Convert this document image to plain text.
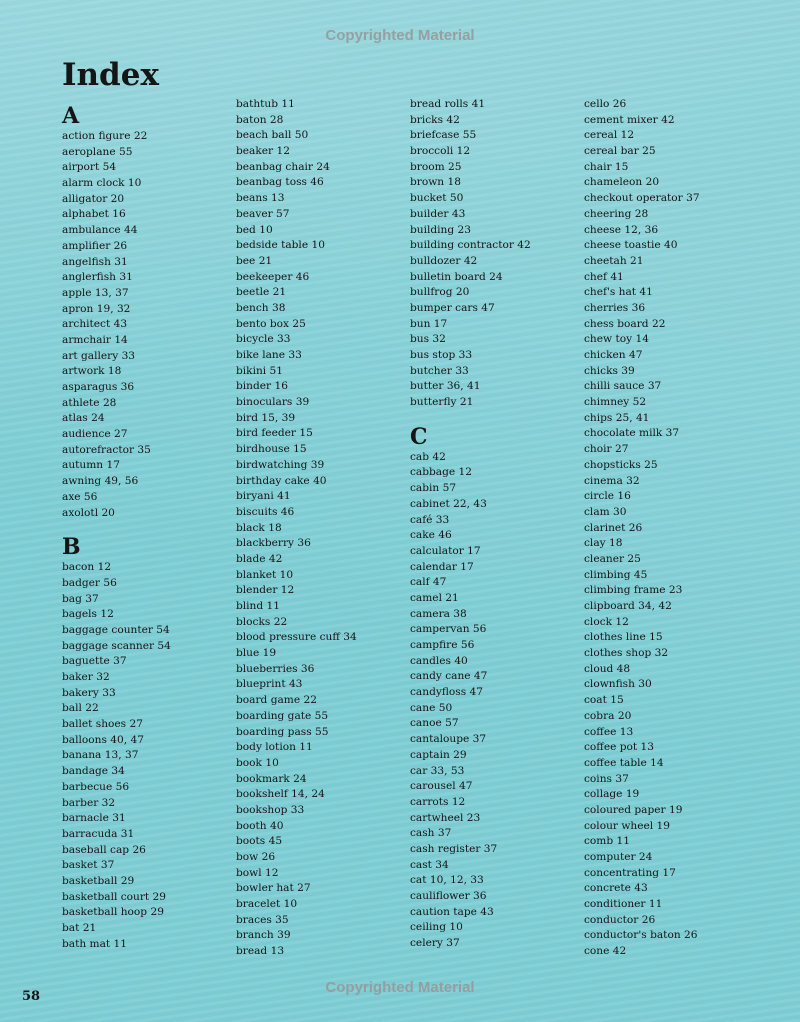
Copyrighted Material
Index
A
action figure 22
aeroplane 55
airport 54
alarm clock 10
alligator 20
alphabet 16
ambulance 44
amplifier 26
angelfish 31
anglerfish 31
apple 13, 37
apron 19, 32
architect 43
armchair 14
art gallery 33
artwork 18
asparagus 36
athlete 28
atlas 24
audience 27
autorefractor 35
autumn 17
awning 49, 56
axe 56
axolotl 20
B
bacon 12
badger 56
bag 37
bagels 12
baggage counter 54
baggage scanner 54
baguette 37
baker 32
bakery 33
ball 22
ballet shoes 27
balloons 40, 47
banana 13, 37
bandage 34
barbecue 56
barber 32
barnacle 31
barracuda 31
baseball cap 26
basket 37
basketball 29
basketball court 29
basketball hoop 29
bat 21
bath mat 11
bathtub 11
baton 28
beach ball 50
beaker 12
beanbag chair 24
beanbag toss 46
beans 13
beaver 57
bed 10
bedside table 10
bee 21
beekeeper 46
beetle 21
bench 38
bento box 25
bicycle 33
bike lane 33
bikini 51
binder 16
binoculars 39
bird 15, 39
bird feeder 15
birdhouse 15
birdwatching 39
birthday cake 40
biryani 41
biscuits 46
black 18
blackberry 36
blade 42
blanket 10
blender 12
blind 11
blocks 22
blood pressure cuff 34
blue 19
blueberries 36
blueprint 43
board game 22
boarding gate 55
boarding pass 55
body lotion 11
book 10
bookmark 24
bookshelf 14, 24
bookshop 33
booth 40
boots 45
bow 26
bowl 12
bowler hat 27
bracelet 10
braces 35
branch 39
bread 13
bread rolls 41
bricks 42
briefcase 55
broccoli 12
broom 25
brown 18
bucket 50
builder 43
building 23
building contractor 42
bulldozer 42
bulletin board 24
bullfrog 20
bumper cars 47
bun 17
bus 32
bus stop 33
butcher 33
butter 36, 41
butterfly 21
C
cab 42
cabbage 12
cabin 57
cabinet 22, 43
café 33
cake 46
calculator 17
calendar 17
calf 47
camel 21
camera 38
campervan 56
campfire 56
candles 40
candy cane 47
candyfloss 47
cane 50
canoe 57
cantaloupe 37
captain 29
car 33, 53
carousel 47
carrots 12
cartwheel 23
cash 37
cash register 37
cast 34
cat 10, 12, 33
cauliflower 36
caution tape 43
ceiling 10
celery 37
cello 26
cement mixer 42
cereal 12
cereal bar 25
chair 15
chameleon 20
checkout operator 37
cheering 28
cheese 12, 36
cheese toastie 40
cheetah 21
chef 41
chef's hat 41
cherries 36
chess board 22
chew toy 14
chicken 47
chicks 39
chilli sauce 37
chimney 52
chips 25, 41
chocolate milk 37
choir 27
chopsticks 25
cinema 32
circle 16
clam 30
clarinet 26
clay 18
cleaner 25
climbing 45
climbing frame 23
clipboard 34, 42
clock 12
clothes line 15
clothes shop 32
cloud 48
clownfish 30
coat 15
cobra 20
coffee 13
coffee pot 13
coffee table 14
coins 37
collage 19
coloured paper 19
colour wheel 19
comb 11
computer 24
concentrating 17
concrete 43
conditioner 11
conductor 26
conductor's baton 26
cone 42
58
Copyrighted Material
